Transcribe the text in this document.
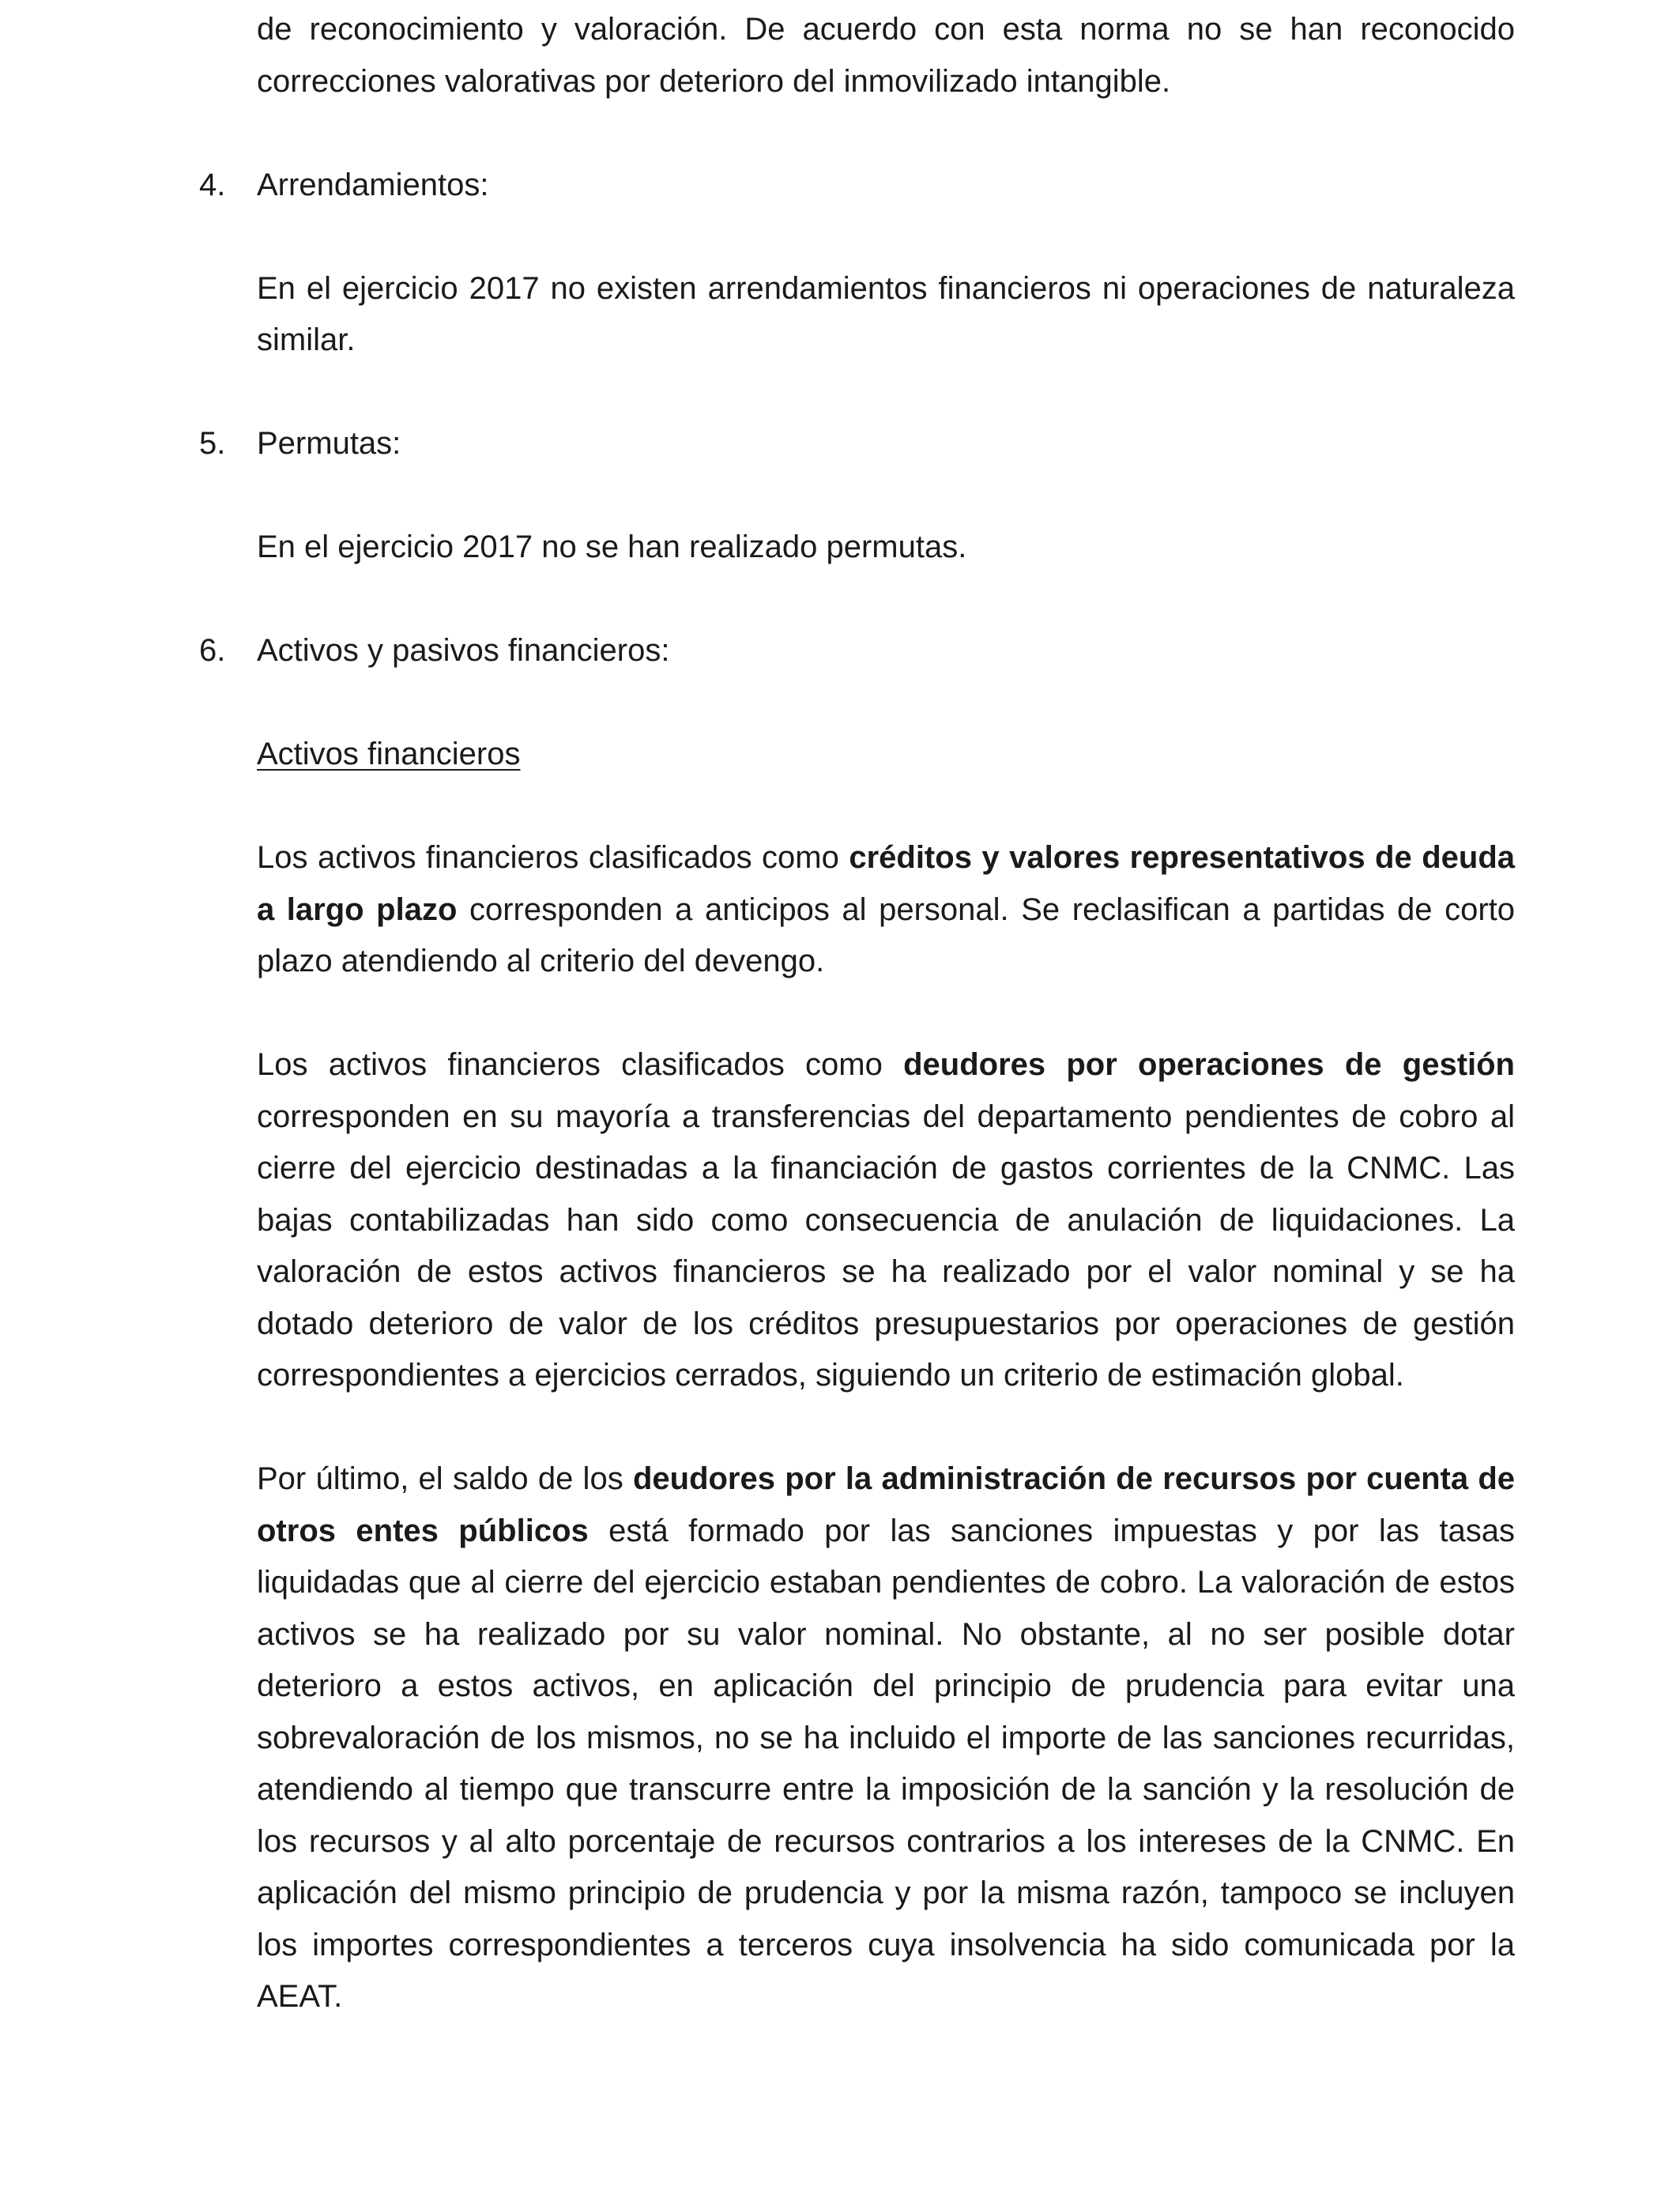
de reconocimiento y valoración. De acuerdo con esta norma no se han reconocido correcciones valorativas por deterioro del inmovilizado intangible.

4. Arrendamientos:

En el ejercicio 2017 no existen arrendamientos financieros ni operaciones de naturaleza similar.

5. Permutas:

En el ejercicio 2017 no se han realizado permutas.

6. Activos y pasivos financieros:

Activos financieros

Los activos financieros clasificados como créditos y valores representativos de deuda a largo plazo corresponden a anticipos al personal. Se reclasifican a partidas de corto plazo atendiendo al criterio del devengo.

Los activos financieros clasificados como deudores por operaciones de gestión corresponden en su mayoría a transferencias del departamento pendientes de cobro al cierre del ejercicio destinadas a la financiación de gastos corrientes de la CNMC. Las bajas contabilizadas han sido como consecuencia de anulación de liquidaciones. La valoración de estos activos financieros se ha realizado por el valor nominal y se ha dotado deterioro de valor de los créditos presupuestarios por operaciones de gestión correspondientes a ejercicios cerrados, siguiendo un criterio de estimación global.

Por último, el saldo de los deudores por la administración de recursos por cuenta de otros entes públicos está formado por las sanciones impuestas y por las tasas liquidadas que al cierre del ejercicio estaban pendientes de cobro. La valoración de estos activos se ha realizado por su valor nominal. No obstante, al no ser posible dotar deterioro a estos activos, en aplicación del principio de prudencia para evitar una sobrevaloración de los mismos, no se ha incluido el importe de las sanciones recurridas, atendiendo al tiempo que transcurre entre la imposición de la sanción y la resolución de los recursos y al alto porcentaje de recursos contrarios a los intereses de la CNMC. En aplicación del mismo principio de prudencia y por la misma razón, tampoco se incluyen los importes correspondientes a terceros cuya insolvencia ha sido comunicada por la AEAT.
